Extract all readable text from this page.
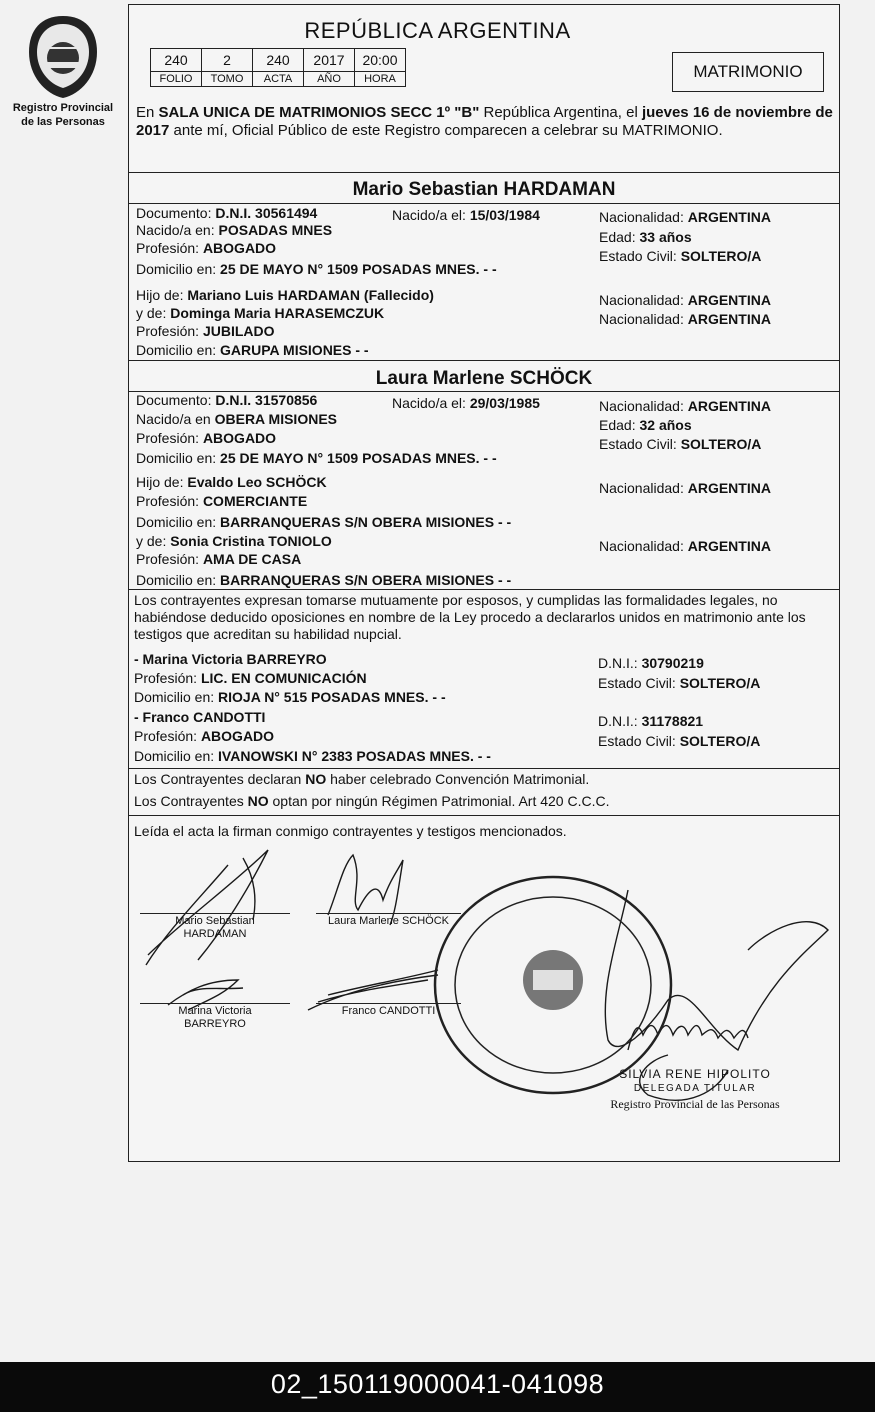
Registro Provincial
de las Personas
REPÚBLICA ARGENTINA
240	2	240	2017	20:00
FOLIO	TOMO	ACTA	AÑO	HORA	MATRIMONIO
En SALA UNICA DE MATRIMONIOS SECC 1º "B" República Argentina, el jueves 16 de noviembre de 2017 ante mí, Oficial Público de este Registro comparecen a celebrar su MATRIMONIO.
Mario Sebastian HARDAMAN
Documento: D.N.I. 30561494	Nacido/a el: 15/03/1984
Nacido/a en: POSADAS MNES
Profesión: ABOGADO
Domicilio en: 25 DE MAYO N° 1509 POSADAS MNES. - -
Nacionalidad: ARGENTINA
Edad: 33 años
Estado Civil: SOLTERO/A
Hijo de: Mariano Luis HARDAMAN (Fallecido)
y de: Dominga Maria HARASEMCZUK
Profesión: JUBILADO
Domicilio en: GARUPA MISIONES - -
Nacionalidad: ARGENTINA
Nacionalidad: ARGENTINA
Laura Marlene SCHÖCK
Documento: D.N.I. 31570856	Nacido/a el: 29/03/1985
Nacido/a en OBERA MISIONES
Profesión: ABOGADO
Domicilio en: 25 DE MAYO N° 1509 POSADAS MNES. - -
Nacionalidad: ARGENTINA
Edad: 32 años
Estado Civil: SOLTERO/A
Hijo de: Evaldo Leo SCHÖCK
Profesión: COMERCIANTE
Domicilio en: BARRANQUERAS S/N OBERA MISIONES - -
Nacionalidad: ARGENTINA
y de: Sonia Cristina TONIOLO
Profesión: AMA DE CASA
Domicilio en: BARRANQUERAS S/N OBERA MISIONES - -
Nacionalidad: ARGENTINA
Los contrayentes expresan tomarse mutuamente por esposos, y cumplidas las formalidades legales, no habiéndose deducido oposiciones en nombre de la Ley procedo a declararlos unidos en matrimonio ante los testigos que acreditan su habilidad nupcial.
- Marina Victoria BARREYRO
Profesión: LIC. EN COMUNICACIÓN
Domicilio en: RIOJA N° 515 POSADAS MNES. - -
D.N.I.: 30790219
Estado Civil: SOLTERO/A
- Franco CANDOTTI
Profesión: ABOGADO
Domicilio en: IVANOWSKI N° 2383 POSADAS MNES. - -
D.N.I.: 31178821
Estado Civil: SOLTERO/A
Los Contrayentes declaran NO haber celebrado Convención Matrimonial.
Los Contrayentes NO optan por ningún Régimen Patrimonial. Art 420 C.C.C.
Leída el acta la firman conmigo contrayentes y testigos mencionados.
Mario Sebastian
HARDAMAN
Laura Marlene SCHÖCK
Marina Victoria
BARREYRO
Franco CANDOTTI
SILVIA RENE HIPOLITO
DELEGADA TITULAR
Registro Provincial de las Personas
02_150119000041-041098
